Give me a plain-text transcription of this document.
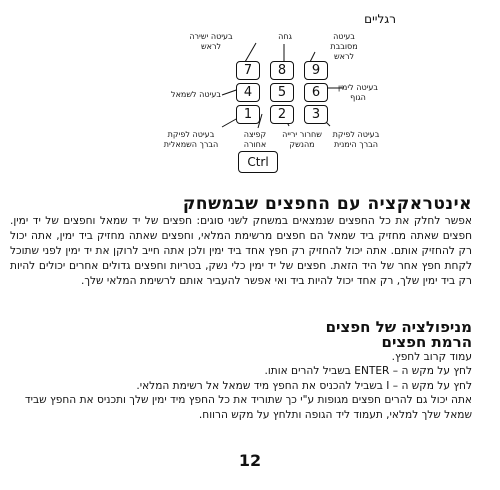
רגליים
7	8	9
4	5	6
1	2	3
Ctrl
גחה
בעיטה ישירה לראש
בעיטה מסובבת לראש
בעיטה לשמאל
בעיטה לימין הגוף
בעיטה לפיקת הברך השמאלית
קפיצה אחורה
שחרור ירייה מהנשק
בעיטה לפיקת הברך הימנית
אינטראקציה עם החפצים שבמשחק
אפשר לחלק את כל החפצים שנמצאים במשחק לשני סוגים: חפצים של יד שמאל וחפצים של יד ימין. חפצים שאתה מחזיק ביד שמאל הם חפצים מרשימת המלאי, וחפצים שאתה מחזיק ביד ימין, אתה יכול רק להחזיק אותם. אתה יכול להחזיק רק חפץ אחד ביד ימין ולכן אתה חייב לרוקן את יד ימין לפני שתוכל לקחת חפץ אחר של היד הזאת. חפצים של יד ימין כלי נשק, בטריות וחפצים גדולים אחרים יכולים להיות רק ביד ימין שלך, רק אחד יכול להיות ביד ואי אפשר להעביר אותם לרשימת המלאי שלך.
מניפולציה של חפצים
הרמת חפצים

עמוד קרוב לחפץ.

לחץ על מקש ה – ENTER בשביל להרים אותו.

לחץ על מקש ה – I בשביל להכניס את החפץ מיד שמאל אל רשימת המלאי.

אתה יכול גם להרים חפצים מגופות ע"י כך שתוריד את כל החפץ מיד ימין שלך ותכניס את החפץ שביד שמאל שלך למלאי, תעמוד ליד הגופה ותלחץ על מקש הרווח.

12
